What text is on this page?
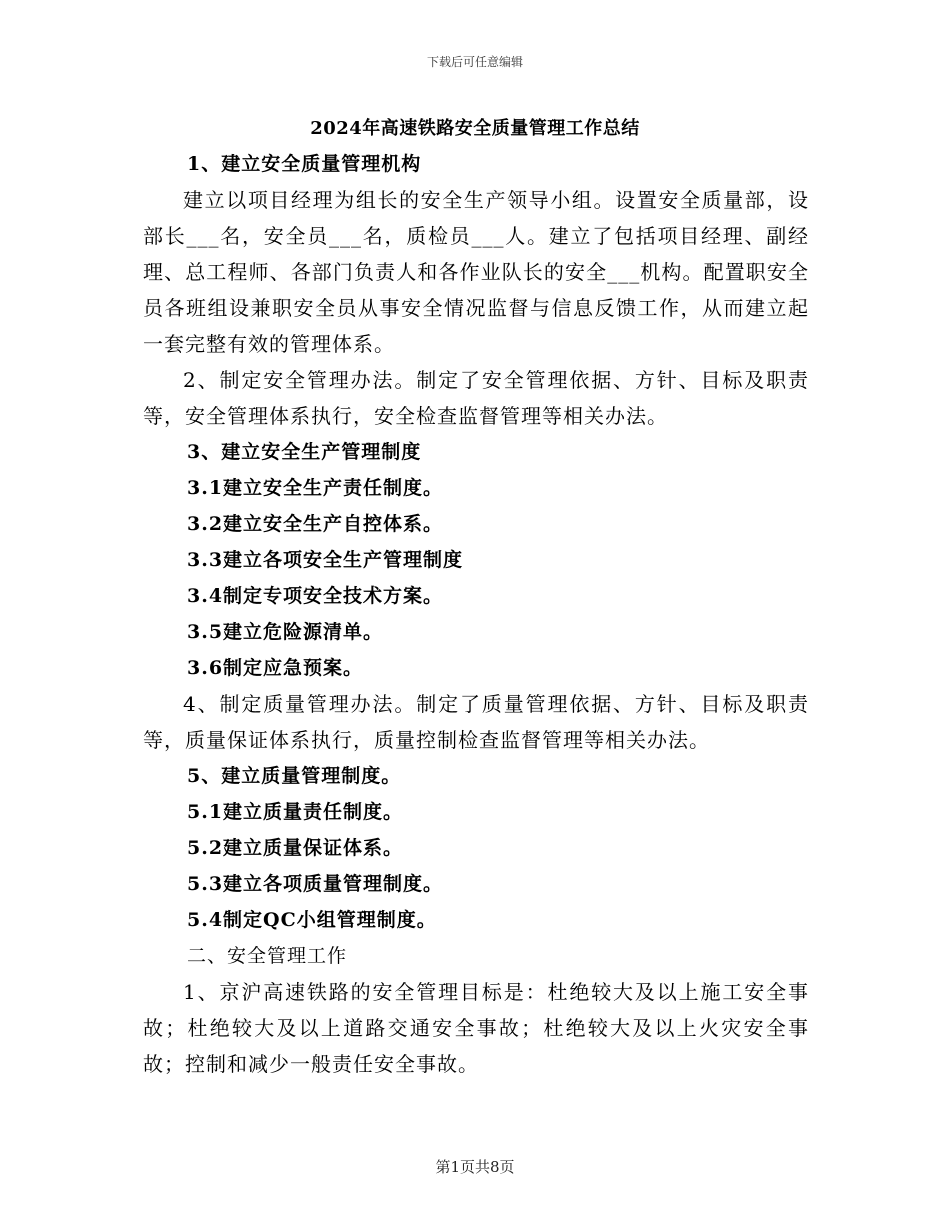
下载后可任意编辑
2024年高速铁路安全质量管理工作总结

1、建立安全质量管理机构

建立以项目经理为组长的安全生产领导小组。设置安全质量部，设部长___名，安全员___名，质检员___人。建立了包括项目经理、副经理、总工程师、各部门负责人和各作业队长的安全___机构。配置职安全员各班组设兼职安全员从事安全情况监督与信息反馈工作，从而建立起一套完整有效的管理体系。

2、制定安全管理办法。制定了安全管理依据、方针、目标及职责等，安全管理体系执行，安全检查监督管理等相关办法。

3、建立安全生产管理制度

3.1建立安全生产责任制度。

3.2建立安全生产自控体系。

3.3建立各项安全生产管理制度

3.4制定专项安全技术方案。

3.5建立危险源清单。

3.6制定应急预案。

4、制定质量管理办法。制定了质量管理依据、方针、目标及职责等，质量保证体系执行，质量控制检查监督管理等相关办法。

5、建立质量管理制度。

5.1建立质量责任制度。

5.2建立质量保证体系。

5.3建立各项质量管理制度。

5.4制定QC小组管理制度。

二、安全管理工作

1、京沪高速铁路的安全管理目标是：杜绝较大及以上施工安全事故；杜绝较大及以上道路交通安全事故；杜绝较大及以上火灾安全事故；控制和减少一般责任安全事故。

第1页共8页
